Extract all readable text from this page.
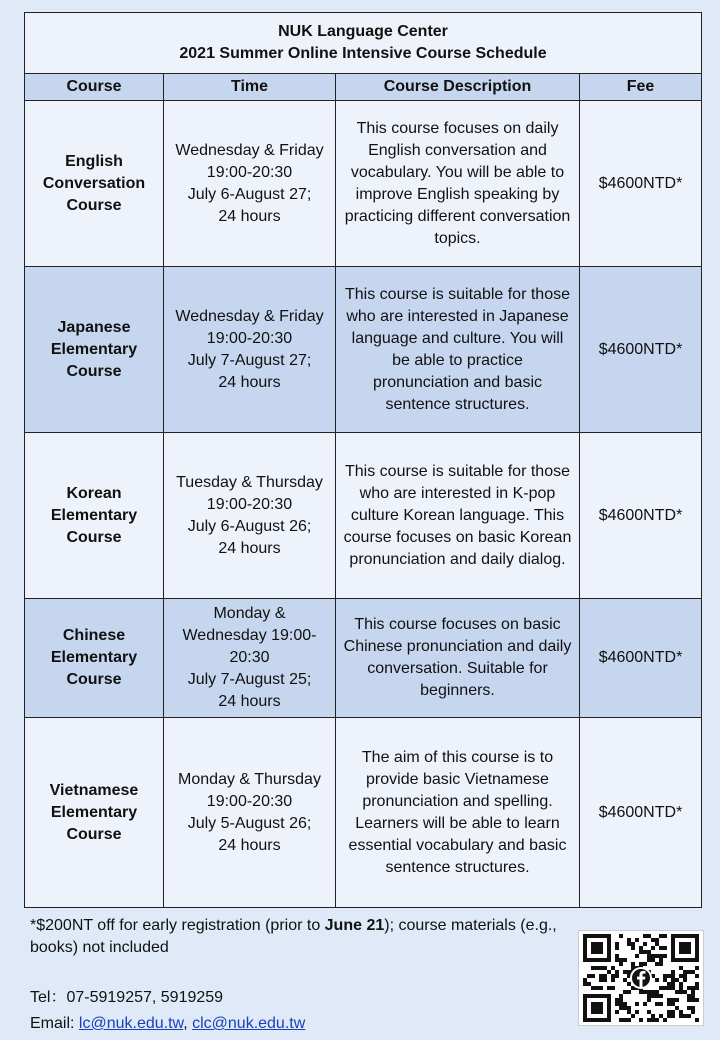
NUK Language Center
2021 Summer Online Intensive Course Schedule			

Course	Time	Course Description	Fee

English
Conversation
Course	Wednesday & Friday
19:00-20:30
July 6-August 27;
24 hours	This course focuses on daily English conversation and vocabulary. You will be able to improve English speaking by practicing different conversation topics.	$4600NTD*

Japanese
Elementary
Course	Wednesday & Friday
19:00-20:30
July 7-August 27;
24 hours	This course is suitable for those who are interested in Japanese language and culture. You will be able to practice pronunciation and basic sentence structures.	$4600NTD*

Korean
Elementary
Course	Tuesday & Thursday
19:00-20:30
July 6-August 26;
24 hours	This course is suitable for those who are interested in K-pop culture Korean language. This course focuses on basic Korean pronunciation and daily dialog.	$4600NTD*

Chinese
Elementary
Course	Monday &
Wednesday 19:00-
20:30
July 7-August 25;
24 hours	This course focuses on basic Chinese pronunciation and daily conversation. Suitable for beginners.	$4600NTD*

Vietnamese
Elementary
Course	Monday & Thursday
19:00-20:30
July 5-August 26;
24 hours	The aim of this course is to provide basic Vietnamese pronunciation and spelling. Learners will be able to learn essential vocabulary and basic sentence structures.	$4600NTD*
*$200NT off for early registration (prior to June 21); course materials (e.g., books) not included
Tel：07-5919257, 5919259
Email: lc@nuk.edu.tw, clc@nuk.edu.tw
